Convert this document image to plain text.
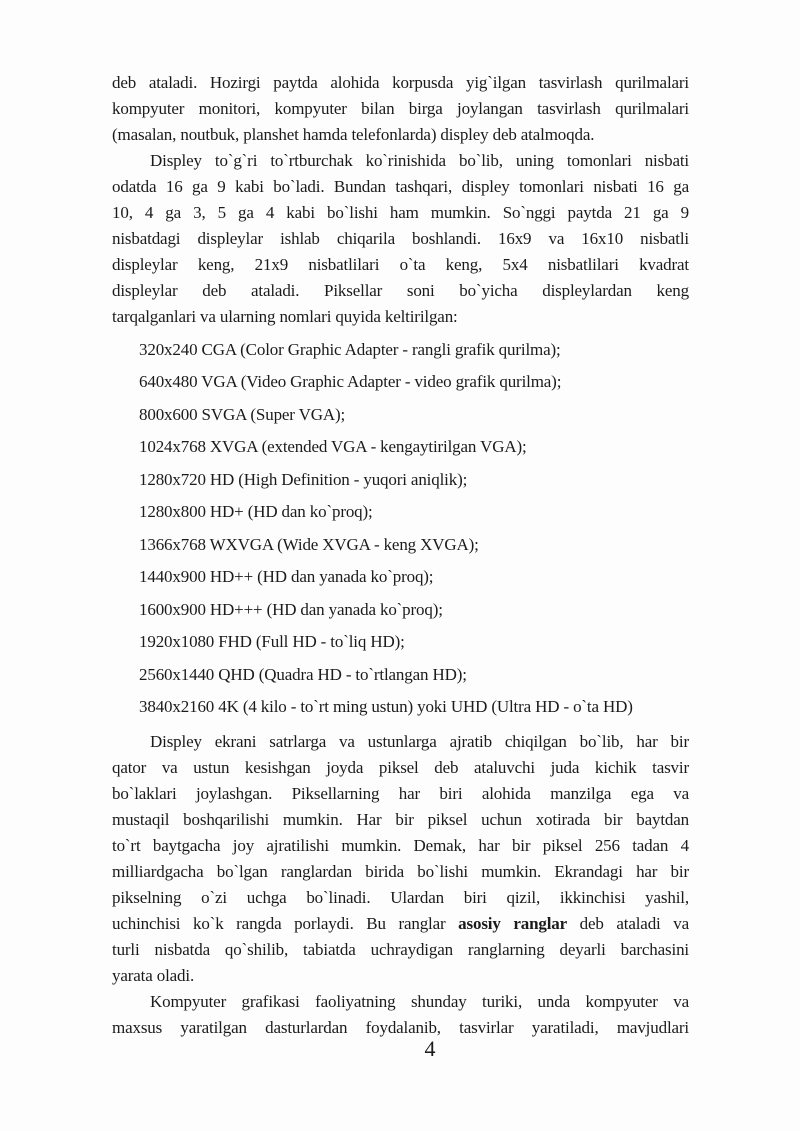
deb ataladi. Hozirgi paytda alohida korpusda yig`ilgan tasvirlash qurilmalari
kompyuter monitori, kompyuter bilan birga joylangan tasvirlash qurilmalari
(masalan, noutbuk, planshet hamda telefonlarda) displey deb atalmoqda.
Displey to`g`ri to`rtburchak ko`rinishida bo`lib, uning tomonlari nisbati
odatda 16 ga 9 kabi bo`ladi. Bundan tashqari, displey tomonlari nisbati 16 ga
10, 4 ga 3, 5 ga 4 kabi bo`lishi ham mumkin. So`nggi paytda 21 ga 9
nisbatdagi displeylar ishlab chiqarila boshlandi. 16x9 va 16x10 nisbatli
displeylar keng, 21x9 nisbatlilari o`ta keng, 5x4 nisbatlilari kvadrat
displeylar deb ataladi. Piksellar soni bo`yicha displeylardan keng
tarqalganlari va ularning nomlari quyida keltirilgan:
320x240 CGA (Color Graphic Adapter - rangli grafik qurilma);
640x480 VGA (Video Graphic Adapter - video grafik qurilma);
800x600 SVGA (Super VGA);
1024x768 XVGA (extended VGA - kengaytirilgan VGA);
1280x720 HD (High Definition - yuqori aniqlik);
1280x800 HD+ (HD dan ko`proq);
1366x768 WXVGA (Wide XVGA - keng XVGA);
1440x900 HD++ (HD dan yanada ko`proq);
1600x900 HD+++ (HD dan yanada ko`proq);
1920x1080 FHD (Full HD - to`liq HD);
2560x1440 QHD (Quadra HD - to`rtlangan HD);
3840x2160 4K (4 kilo - to`rt ming ustun) yoki UHD (Ultra HD - o`ta HD)
Displey ekrani satrlarga va ustunlarga ajratib chiqilgan bo`lib, har bir
qator va ustun kesishgan joyda piksel deb ataluvchi juda kichik tasvir
bo`laklari joylashgan. Piksellarning har biri alohida manzilga ega va
mustaqil boshqarilishi mumkin. Har bir piksel uchun xotirada bir baytdan
to`rt baytgacha joy ajratilishi mumkin. Demak, har bir piksel 256 tadan 4
milliardgacha bo`lgan ranglardan birida bo`lishi mumkin. Ekrandagi har bir
pikselning o`zi uchga bo`linadi. Ulardan biri qizil, ikkinchisi yashil,
uchinchisi ko`k rangda porlaydi. Bu ranglar asosiy ranglar deb ataladi va
turli nisbatda qo`shilib, tabiatda uchraydigan ranglarning deyarli barchasini
yarata oladi.
Kompyuter grafikasi faoliyatning shunday turiki, unda kompyuter va
maxsus yaratilgan dasturlardan foydalanib, tasvirlar yaratiladi, mavjudlari
4
